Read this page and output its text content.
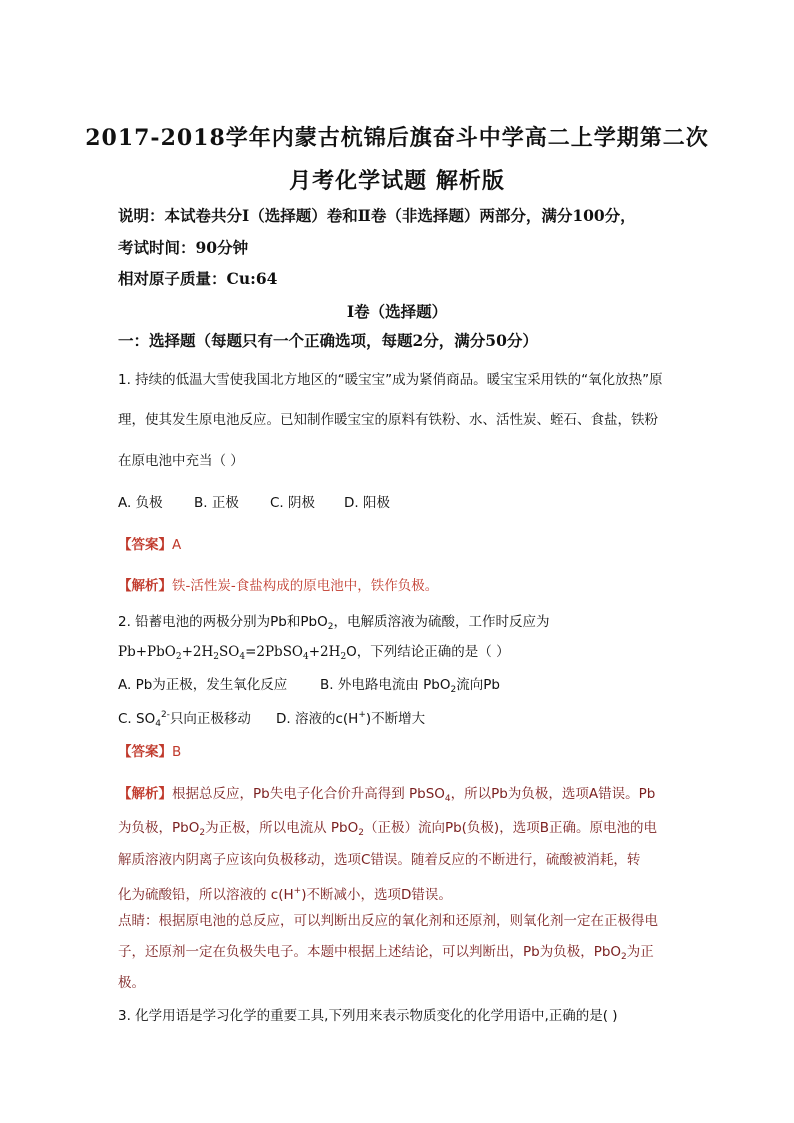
2017-2018学年内蒙古杭锦后旗奋斗中学高二上学期第二次
月考化学试题 解析版
说明：本试卷共分Ⅰ（选择题）卷和Ⅱ卷（非选择题）两部分，满分100分，
考试时间：90分钟
相对原子质量：Cu:64
Ⅰ卷（选择题）
一：选择题（每题只有一个正确选项，每题2分，满分50分）
1. 持续的低温大雪使我国北方地区的“暖宝宝”成为紧俏商品。暖宝宝采用铁的“氧化放热”原
理，使其发生原电池反应。已知制作暖宝宝的原料有铁粉、水、活性炭、蛭石、食盐，铁粉
在原电池中充当（ ）
A. 负极 B. 正极 C. 阴极 D. 阳极
【答案】A
【解析】铁-活性炭-食盐构成的原电池中，铁作负极。
2. 铅蓄电池的两极分别为Pb和PbO$_2$，电解质溶液为硫酸，工作时反应为
$Pb+PbO_2+2H_2SO_4=2PbSO_4+2H_2O$，下列结论正确的是（ ）
A. Pb为正极，发生氧化反应 B. 外电路电流由 PbO$_2$流向Pb
C. $SO_4^{2-}$只向正极移动 D. 溶液的c(H+)不断增大
【答案】B
【解析】根据总反应，Pb失电子化合价升高得到 PbSO$_4$，所以Pb为负极，选项A错误。Pb
为负极，PbO$_2$为正极，所以电流从 PbO$_2$（正极）流向Pb(负极)，选项B正确。原电池的电
解质溶液内阴离子应该向负极移动，选项C错误。随着反应的不断进行，硫酸被消耗，转
化为硫酸铅，所以溶液的 c(H+)不断减小，选项D错误。
点睛：根据原电池的总反应，可以判断出反应的氧化剂和还原剂，则氧化剂一定在正极得电
子，还原剂一定在负极失电子。本题中根据上述结论，可以判断出，Pb为负极，PbO$_2$为正
极。
3. 化学用语是学习化学的重要工具,下列用来表示物质变化的化学用语中,正确的是( )
